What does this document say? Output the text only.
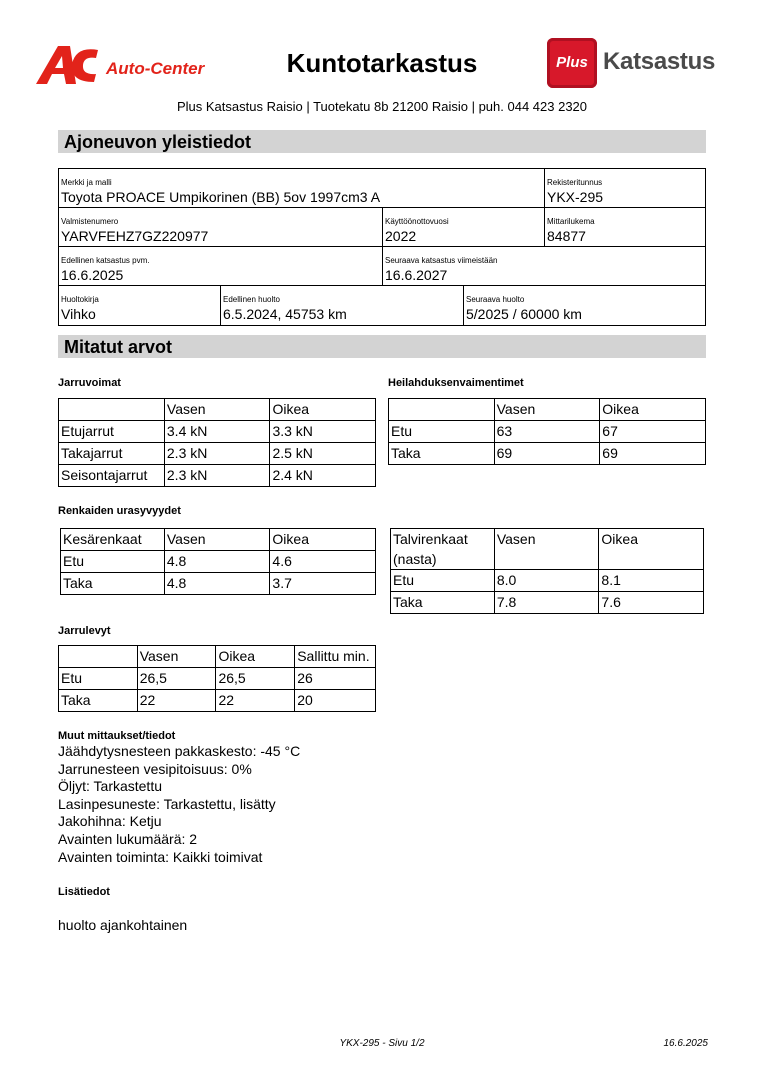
Auto-Center	Kuntotarkastus	Plus Katsastus
Plus Katsastus Raisio | Tuotekatu 8b 21200 Raisio | puh. 044 423 2320
Ajoneuvon yleistiedot
Merkki ja malli
Toyota PROACE Umpikorinen (BB) 5ov 1997cm3 A
Rekisteritunnus
YKX-295
Valmistenumero
YARVFEHZ7GZ220977
Käyttöönottovuosi
2022
Mittarilukema
84877
Edellinen katsastus pvm.
16.6.2025
Seuraava katsastus viimeistään
16.6.2027
Huoltokirja
Vihko
Edellinen huolto
6.5.2024, 45753 km
Seuraava huolto
5/2025 / 60000 km
Mitatut arvot
Jarruvoimat	Heilahduksenvaimentimet
	Vasen	Oikea
Etujarrut	3.4 kN	3.3 kN
Takajarrut	2.3 kN	2.5 kN
Seisontajarrut	2.3 kN	2.4 kN
	Vasen	Oikea
Etu	63	67
Taka	69	69
Renkaiden urasyvyydet
Kesärenkaat	Vasen	Oikea
Etu	4.8	4.6
Taka	4.8	3.7
Talvirenkaat (nasta)	Vasen	Oikea
Etu	8.0	8.1
Taka	7.8	7.6
Jarrulevyt
	Vasen	Oikea	Sallittu min.
Etu	26,5	26,5	26
Taka	22	22	20
Muut mittaukset/tiedot
Jäähdytysnesteen pakkaskesto: -45 °C
Jarrunesteen vesipitoisuus: 0%
Öljyt: Tarkastettu
Lasinpesuneste: Tarkastettu, lisätty
Jakohihna: Ketju
Avainten lukumäärä: 2
Avainten toiminta: Kaikki toimivat
Lisätiedot
huolto ajankohtainen
YKX-295 - Sivu 1/2	16.6.2025
